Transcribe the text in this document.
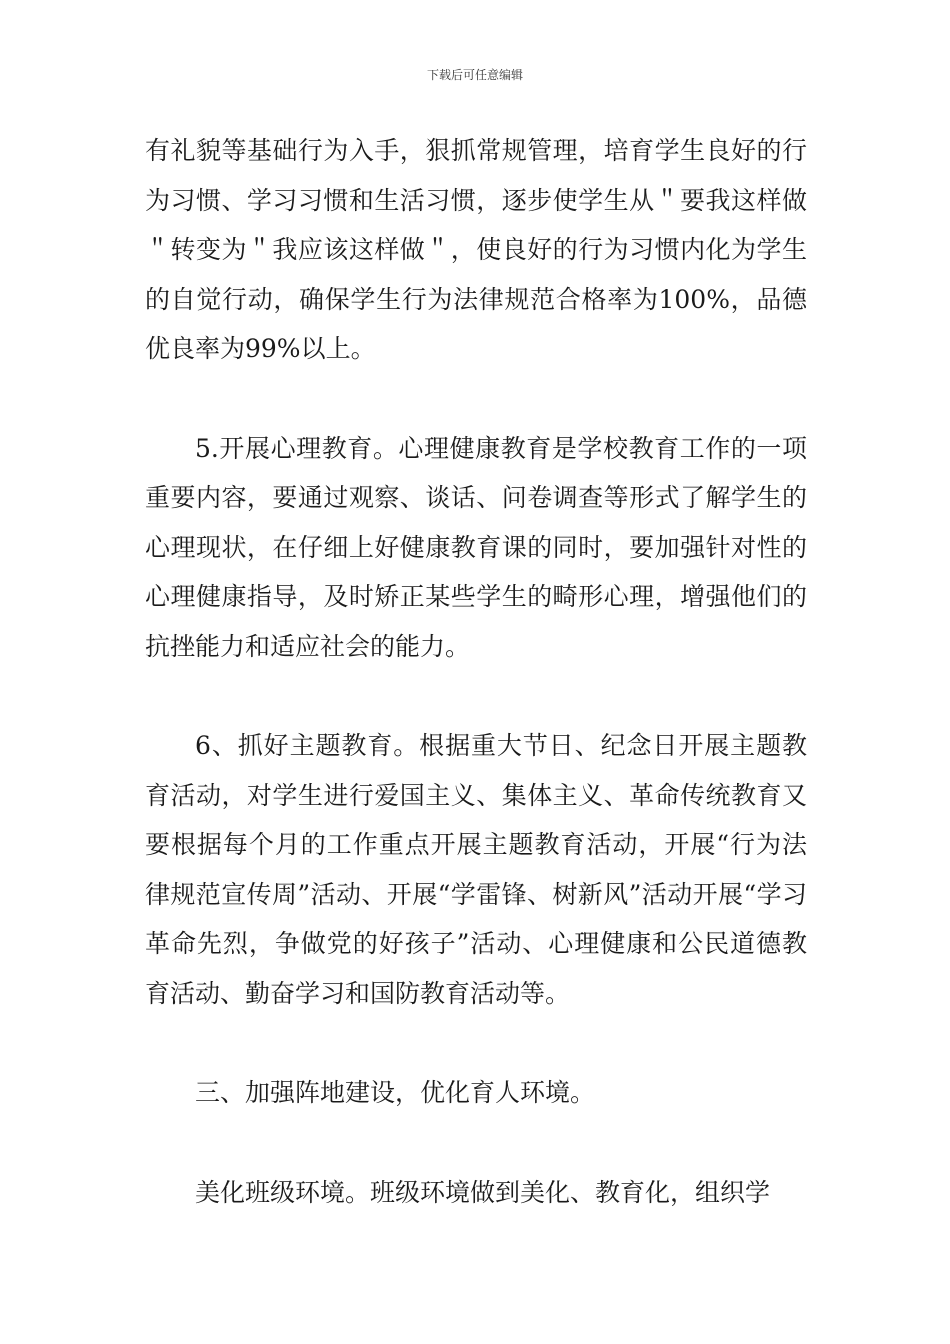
下载后可任意编辑

有礼貌等基础行为入手，狠抓常规管理，培育学生良好的行为习惯、学习习惯和生活习惯，逐步使学生从＂要我这样做＂转变为＂我应该这样做＂，使良好的行为习惯内化为学生的自觉行动，确保学生行为法律规范合格率为100%，品德优良率为99%以上。

5.开展心理教育。心理健康教育是学校教育工作的一项重要内容，要通过观察、谈话、问卷调查等形式了解学生的心理现状，在仔细上好健康教育课的同时，要加强针对性的心理健康指导，及时矫正某些学生的畸形心理，增强他们的抗挫能力和适应社会的能力。

6、抓好主题教育。根据重大节日、纪念日开展主题教育活动，对学生进行爱国主义、集体主义、革命传统教育又要根据每个月的工作重点开展主题教育活动，开展“行为法律规范宣传周”活动、开展“学雷锋、树新风”活动开展“学习革命先烈，争做党的好孩子”活动、心理健康和公民道德教育活动、勤奋学习和国防教育活动等。

三、加强阵地建设，优化育人环境。

美化班级环境。班级环境做到美化、教育化，组织学
